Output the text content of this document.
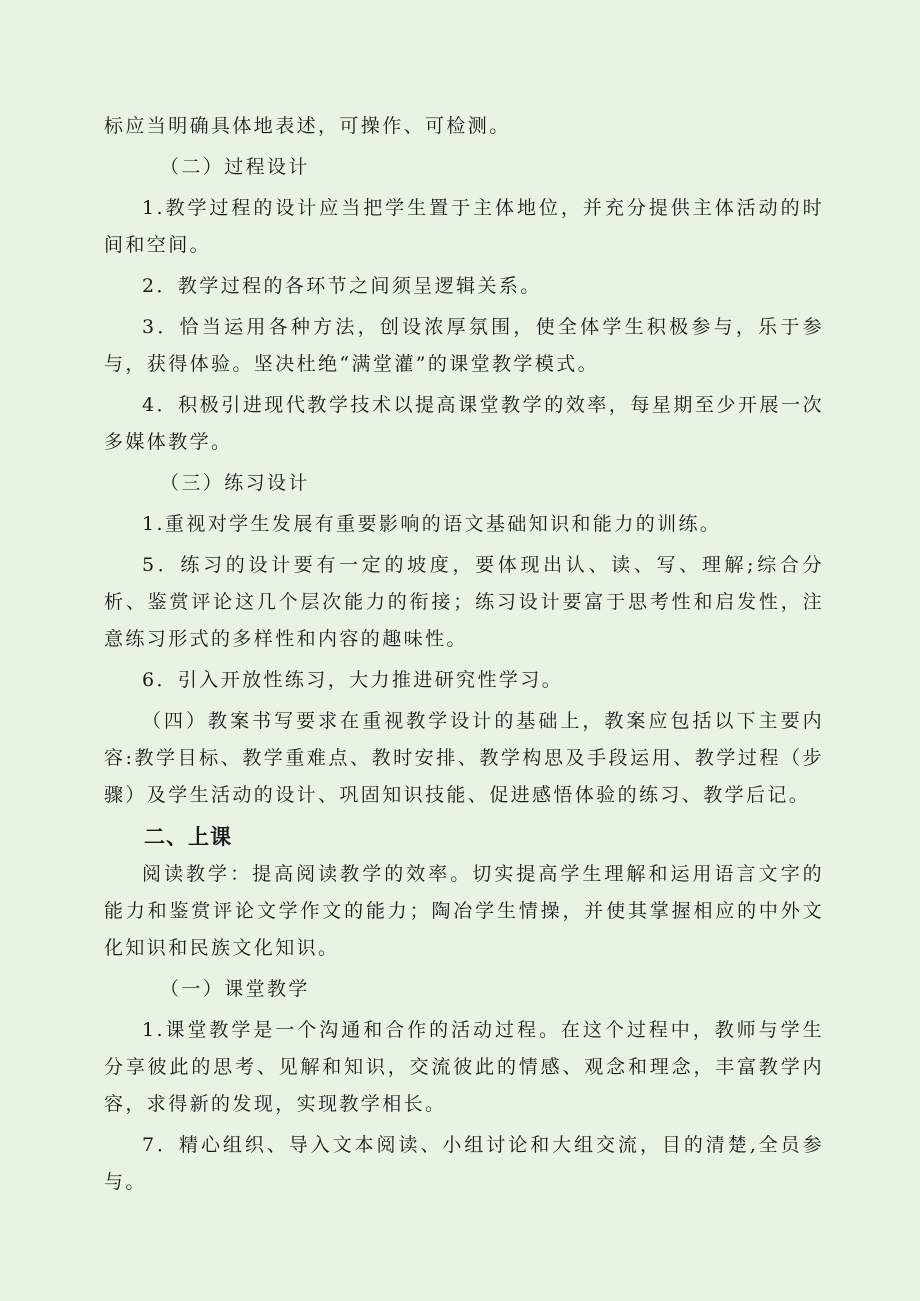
标应当明确具体地表述，可操作、可检测。

（二）过程设计

1.教学过程的设计应当把学生置于主体地位，并充分提供主体活动的时间和空间。

2．教学过程的各环节之间须呈逻辑关系。

3．恰当运用各种方法，创设浓厚氛围，使全体学生积极参与，乐于参与，获得体验。坚决杜绝“满堂灌”的课堂教学模式。

4．积极引进现代教学技术以提高课堂教学的效率，每星期至少开展一次多媒体教学。

（三）练习设计

1.重视对学生发展有重要影响的语文基础知识和能力的训练。

5．练习的设计要有一定的坡度，要体现出认、读、写、理解;综合分析、鉴赏评论这几个层次能力的衔接；练习设计要富于思考性和启发性，注意练习形式的多样性和内容的趣味性。

6．引入开放性练习，大力推进研究性学习。

（四）教案书写要求在重视教学设计的基础上，教案应包括以下主要内容:教学目标、教学重难点、教时安排、教学构思及手段运用、教学过程（步骤）及学生活动的设计、巩固知识技能、促进感悟体验的练习、教学后记。

二、上课

阅读教学：提高阅读教学的效率。切实提高学生理解和运用语言文字的能力和鉴赏评论文学作文的能力；陶冶学生情操，并使其掌握相应的中外文化知识和民族文化知识。

（一）课堂教学

1.课堂教学是一个沟通和合作的活动过程。在这个过程中，教师与学生分享彼此的思考、见解和知识，交流彼此的情感、观念和理念，丰富教学内容，求得新的发现，实现教学相长。

7．精心组织、导入文本阅读、小组讨论和大组交流，目的清楚,全员参与。
